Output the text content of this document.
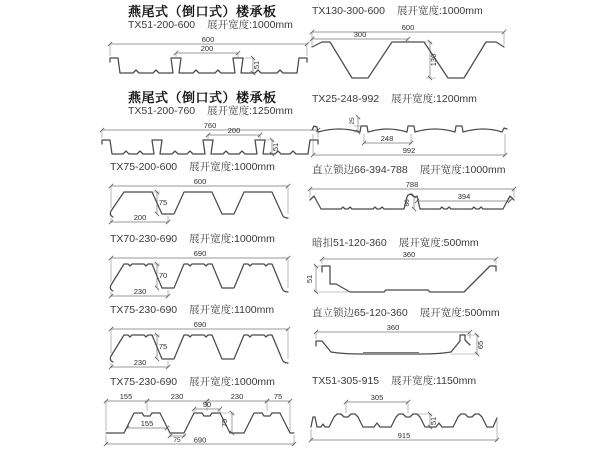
燕尾式（倒口式）楼承板
TX51-200-600 展开宽度:1000mm
600
200
51
燕尾式（倒口式）楼承板
TX51-200-760 展开宽度:1250mm
760
200
51
TX75-200-600 展开宽度:1000mm
600
75
200
TX70-230-690 展开宽度:1000mm
690
70
230
TX75-230-690 展开宽度:1100mm
690
75
230
TX75-230-690 展开宽度:1000mm
155	230	230	75
90
155
75 690
75
TX130-300-600 展开宽度:1000mm
600
300
130
TX25-248-992 展开宽度:1200mm
25
248
992
直立锁边66-394-788 展开宽度:1000mm
788
394
66
暗扣51-120-360 展开宽度:500mm
360
51
直立锁边65-120-360 展开宽度:500mm
360
65
TX51-305-915 展开宽度:1150mm
305
51
915
